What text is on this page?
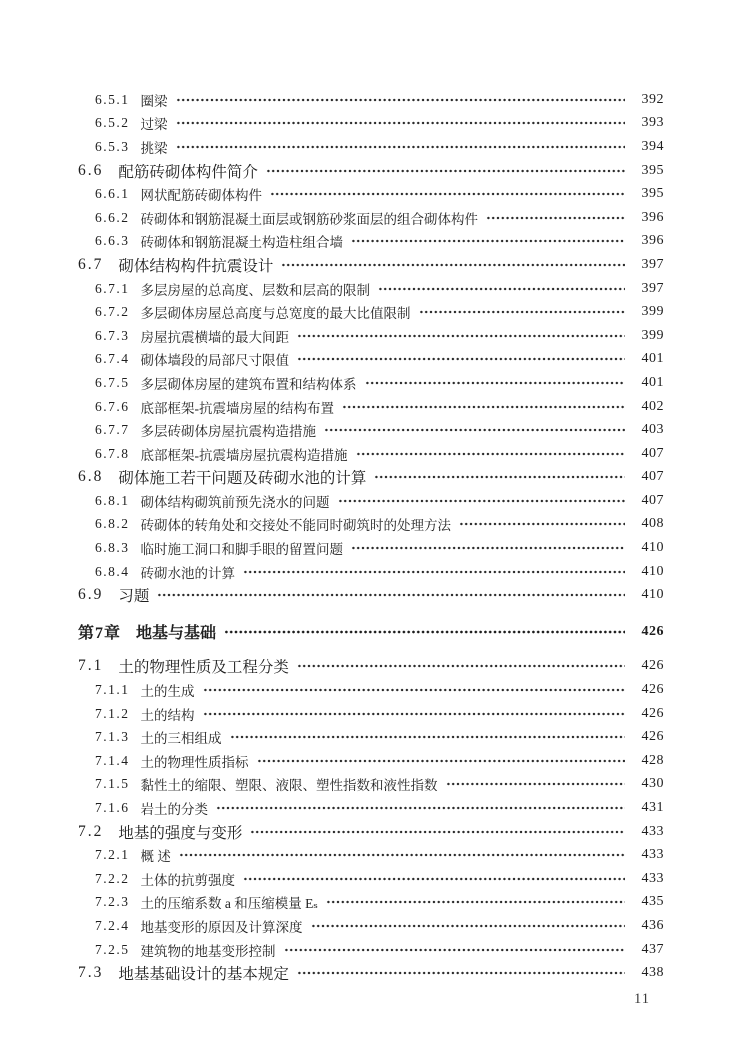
6.5.1 圈梁	392
6.5.2 过梁	393
6.5.3 挑梁	394
6.6 配筋砖砌体构件简介	395
6.6.1 网状配筋砖砌体构件	395
6.6.2 砖砌体和钢筋混凝土面层或钢筋砂浆面层的组合砌体构件	396
6.6.3 砖砌体和钢筋混凝土构造柱组合墙	396
6.7 砌体结构构件抗震设计	397
6.7.1 多层房屋的总高度、层数和层高的限制	397
6.7.2 多层砌体房屋总高度与总宽度的最大比值限制	399
6.7.3 房屋抗震横墙的最大间距	399
6.7.4 砌体墙段的局部尺寸限值	401
6.7.5 多层砌体房屋的建筑布置和结构体系	401
6.7.6 底部框架-抗震墙房屋的结构布置	402
6.7.7 多层砖砌体房屋抗震构造措施	403
6.7.8 底部框架-抗震墙房屋抗震构造措施	407
6.8 砌体施工若干问题及砖砌水池的计算	407
6.8.1 砌体结构砌筑前预先浇水的问题	407
6.8.2 砖砌体的转角处和交接处不能同时砌筑时的处理方法	408
6.8.3 临时施工洞口和脚手眼的留置问题	410
6.8.4 砖砌水池的计算	410
6.9 习题	410
第7章 地基与基础	426
7.1 土的物理性质及工程分类	426
7.1.1 土的生成	426
7.1.2 土的结构	426
7.1.3 土的三相组成	426
7.1.4 土的物理性质指标	428
7.1.5 黏性土的缩限、塑限、液限、塑性指数和液性指数	430
7.1.6 岩土的分类	431
7.2 地基的强度与变形	433
7.2.1 概 述	433
7.2.2 土体的抗剪强度	433
7.2.3 土的压缩系数 a 和压缩模量 Eₛ	435
7.2.4 地基变形的原因及计算深度	436
7.2.5 建筑物的地基变形控制	437
7.3 地基基础设计的基本规定	438
11
